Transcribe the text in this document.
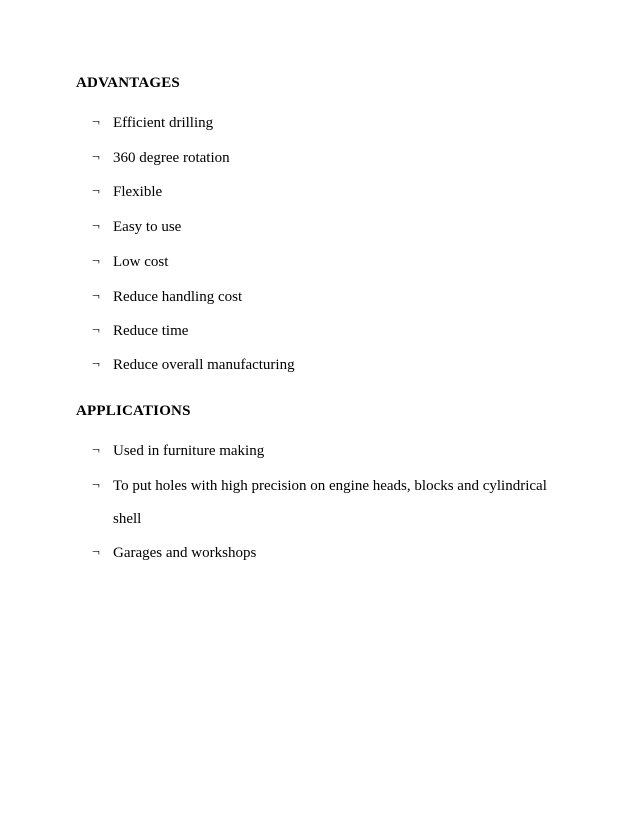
ADVANTAGES
¬ Efficient drilling
¬ 360 degree rotation
¬ Flexible
¬ Easy to use
¬ Low cost
¬ Reduce handling cost
¬ Reduce time
¬ Reduce overall manufacturing
APPLICATIONS
¬ Used in furniture making
¬ To put holes with high precision on engine heads, blocks and cylindrical
shell
¬ Garages and workshops
